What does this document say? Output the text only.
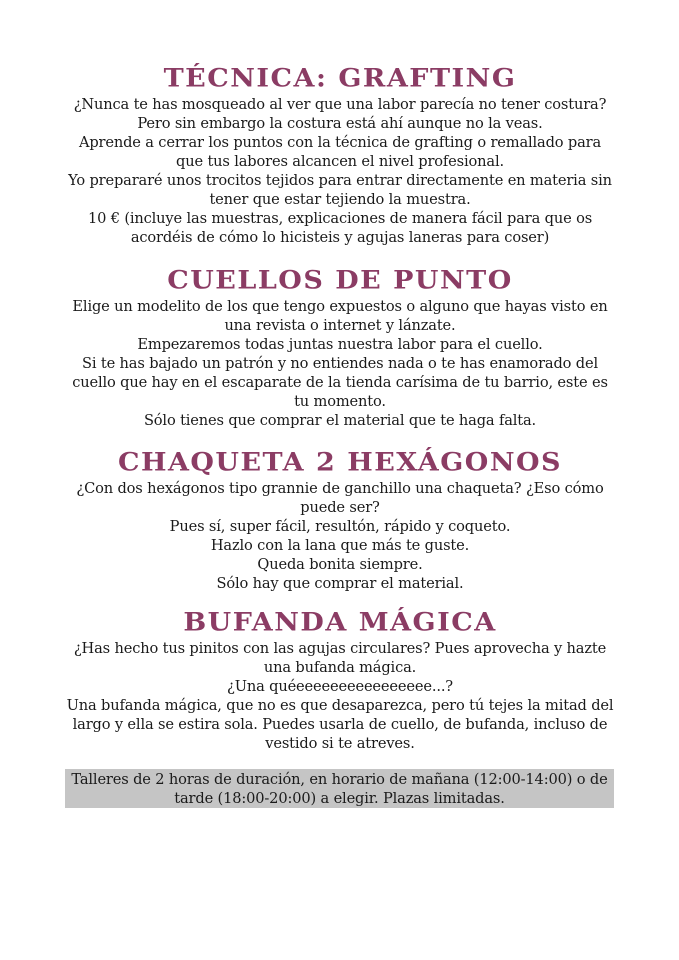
TÉCNICA: GRAFTING

¿Nunca te has mosqueado al ver que una labor parecía no tener costura?

Pero sin embargo la costura está ahí aunque no la veas.

Aprende a cerrar los puntos con la técnica de grafting o remallado para

que tus labores alcancen el nivel profesional.

Yo prepararé unos trocitos tejidos para entrar directamente en materia sin

tener que estar tejiendo la muestra.

10 € (incluye las muestras, explicaciones de manera fácil para que os

acordéis de cómo lo hicisteis y agujas laneras para coser)

CUELLOS DE PUNTO

Elige un modelito de los que tengo expuestos o alguno que hayas visto en

una revista o internet y lánzate.

Empezaremos todas juntas nuestra labor para el cuello.

Si te has bajado un patrón y no entiendes nada o te has enamorado del

cuello que hay en el escaparate de la tienda carísima de tu barrio, este es

tu momento.

Sólo tienes que comprar el material que te haga falta.

CHAQUETA 2 HEXÁGONOS

¿Con dos hexágonos tipo grannie de ganchillo una chaqueta? ¿Eso cómo

puede ser?

Pues sí, super fácil, resultón, rápido y coqueto.

Hazlo con la lana que más te guste.

Queda bonita siempre.

Sólo hay que comprar el material.

BUFANDA MÁGICA

¿Has hecho tus pinitos con las agujas circulares? Pues aprovecha y hazte

una bufanda mágica.

¿Una quéeeeeeeeeeeeeeeee...?

Una bufanda mágica, que no es que desaparezca, pero tú tejes la mitad del

largo y ella se estira sola. Puedes usarla de cuello, de bufanda, incluso de

vestido si te atreves.

Talleres de 2 horas de duración, en horario de mañana (12:00-14:00) o de
tarde (18:00-20:00) a elegir. Plazas limitadas.
